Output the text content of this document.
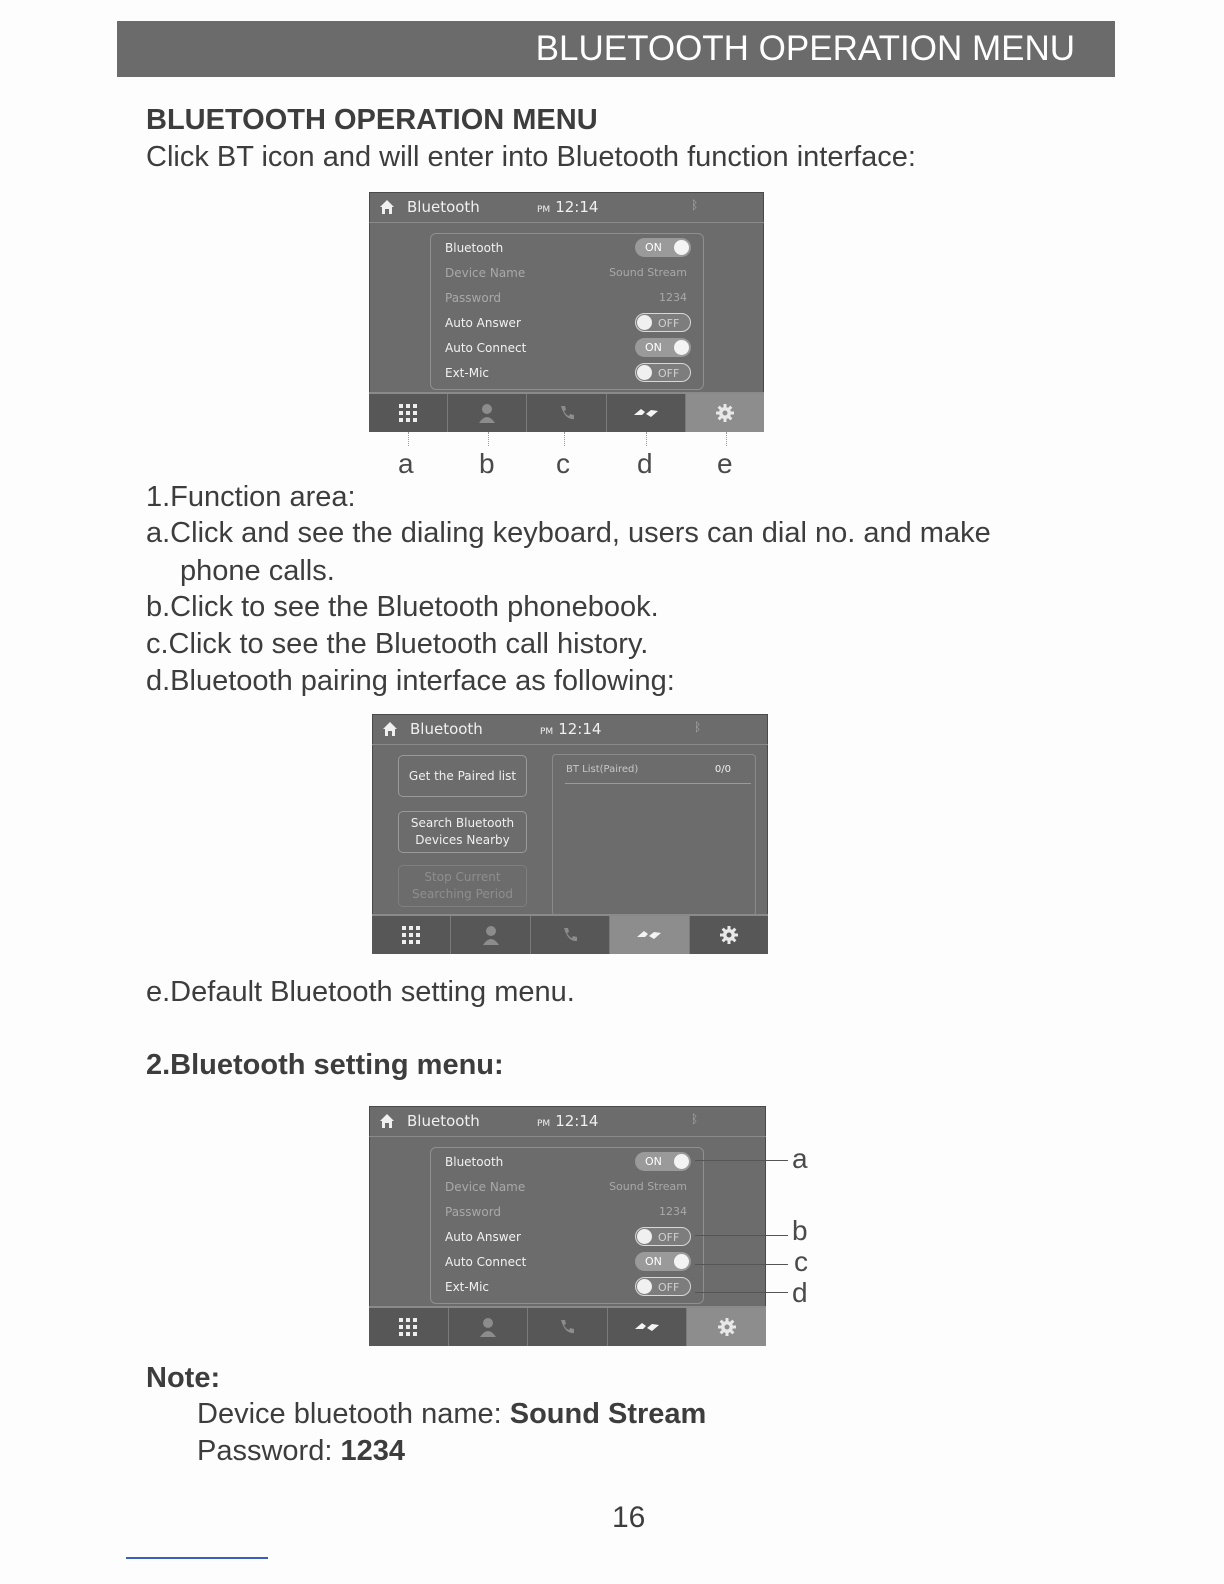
BLUETOOTH OPERATION MENU
BLUETOOTH OPERATION MENU
Click BT icon and will enter into Bluetooth function interface:
Bluetooth	PM 12:14	ᛒ
Bluetooth	ON
Device Name	Sound Stream
Password	1234
Auto Answer	OFF
Auto Connect	ON
Ext-Mic	OFF
a b c d e
1.Function area:
a.Click and see the dialing keyboard, users can dial no. and make
phone calls.
b.Click to see the Bluetooth phonebook.
c.Click to see the Bluetooth call history.
d.Bluetooth pairing interface as following:
Bluetooth	PM 12:14	ᛒ
Get the Paired list
Search Bluetooth
Devices Nearby
Stop Current
Searching Period
BT List(Paired)	0/0
e.Default Bluetooth setting menu.
2.Bluetooth setting menu:
Bluetooth	PM 12:14	ᛒ
Bluetooth	ON
Device Name	Sound Stream
Password	1234
Auto Answer	OFF
Auto Connect	ON
Ext-Mic	OFF
a
b
c
d
Note:
Device bluetooth name: Sound Stream
Password: 1234
16
